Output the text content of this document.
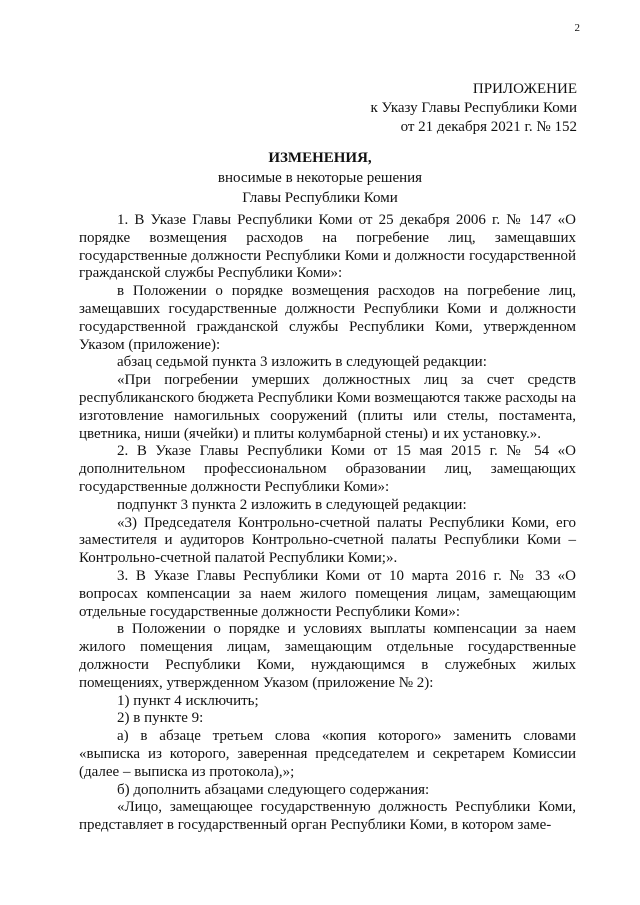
2
ПРИЛОЖЕНИЕ
к Указу Главы Республики Коми
от 21 декабря 2021 г. № 152
ИЗМЕНЕНИЯ,
вносимые в некоторые решения
Главы Республики Коми

1. В Указе Главы Республики Коми от 25 декабря 2006 г. № 147 «О порядке возмещения расходов на погребение лиц, замещавших государственные должности Республики Коми и должности государственной гражданской службы Республики Коми»:

в Положении о порядке возмещения расходов на погребение лиц, замещавших государственные должности Республики Коми и должности государственной гражданской службы Республики Коми, утвержденном Указом (приложение):

абзац седьмой пункта 3 изложить в следующей редакции:

«При погребении умерших должностных лиц за счет средств республиканского бюджета Республики Коми возмещаются также расходы на изготовление намогильных сооружений (плиты или стелы, постамента, цветника, ниши (ячейки) и плиты колумбарной стены) и их установку.».

2. В Указе Главы Республики Коми от 15 мая 2015 г. № 54 «О дополнительном профессиональном образовании лиц, замещающих государственные должности Республики Коми»:

подпункт 3 пункта 2 изложить в следующей редакции:

«3) Председателя Контрольно-счетной палаты Республики Коми, его заместителя и аудиторов Контрольно-счетной палаты Республики Коми – Контрольно-счетной палатой Республики Коми;».

3. В Указе Главы Республики Коми от 10 марта 2016 г. № 33 «О вопросах компенсации за наем жилого помещения лицам, замещающим отдельные государственные должности Республики Коми»:

в Положении о порядке и условиях выплаты компенсации за наем жилого помещения лицам, замещающим отдельные государственные должности Республики Коми, нуждающимся в служебных жилых помещениях, утвержденном Указом (приложение № 2):

1) пункт 4 исключить;

2) в пункте 9:

а) в абзаце третьем слова «копия которого» заменить словами «выписка из которого, заверенная председателем и секретарем Комиссии (далее – выписка из протокола),»;

б) дополнить абзацами следующего содержания:

«Лицо, замещающее государственную должность Республики Коми, представляет в государственный орган Республики Коми, в котором заме-
